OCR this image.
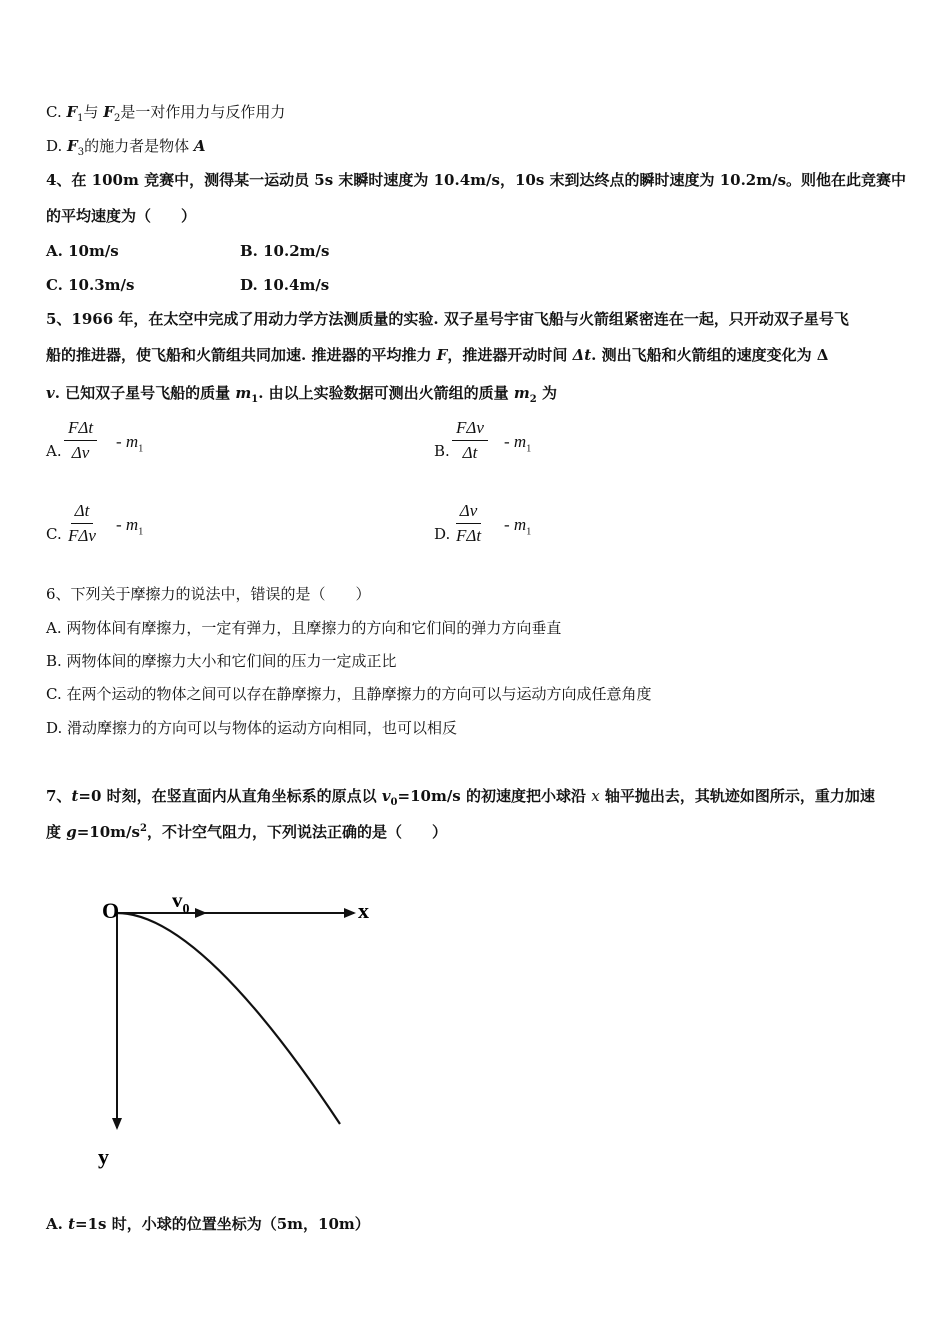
C. $F_1$与 $F_2$是一对作用力与反作用力
D. $F_3$的施力者是物体 A
4、在 100m 竞赛中，测得某一运动员 5s 末瞬时速度为 10.4m/s，10s 末到达终点的瞬时速度为 10.2m/s。则他在此竞赛中
的平均速度为（　　）
A. 10m/s	B. 10.2m/s
C. 10.3m/s	D. 10.4m/s
5、1966 年，在太空中完成了用动力学方法测质量的实验. 双子星号宇宙飞船与火箭组紧密连在一起，只开动双子星号飞
船的推进器，使飞船和火箭组共同加速. 推进器的平均推力 F，推进器开动时间 Δt. 测出飞船和火箭组的速度变化为 Δ
v. 已知双子星号飞船的质量 $m_1$. 由以上实验数据可测出火箭组的质量 $m_2$ 为
A.
FΔt
Δv
- $m_1$	B.
FΔv
Δt
- $m_1$
C.
Δt
FΔv
- $m_1$	D.
Δv
FΔt
- $m_1$
6、下列关于摩擦力的说法中，错误的是（　　）
A. 两物体间有摩擦力，一定有弹力，且摩擦力的方向和它们间的弹力方向垂直
B. 两物体间的摩擦力大小和它们间的压力一定成正比
C. 在两个运动的物体之间可以存在静摩擦力，且静摩擦力的方向可以与运动方向成任意角度
D. 滑动摩擦力的方向可以与物体的运动方向相同，也可以相反
7、t=0 时刻，在竖直面内从直角坐标系的原点以 $v_0=10m/s$ 的初速度把小球沿 x 轴平抛出去，其轨迹如图所示，重力加速
度 $g=10m/s^2$，不计空气阻力，下列说法正确的是（　　）
O	$v_0$	x
y
A. t=1s 时，小球的位置坐标为（5m，10m）
